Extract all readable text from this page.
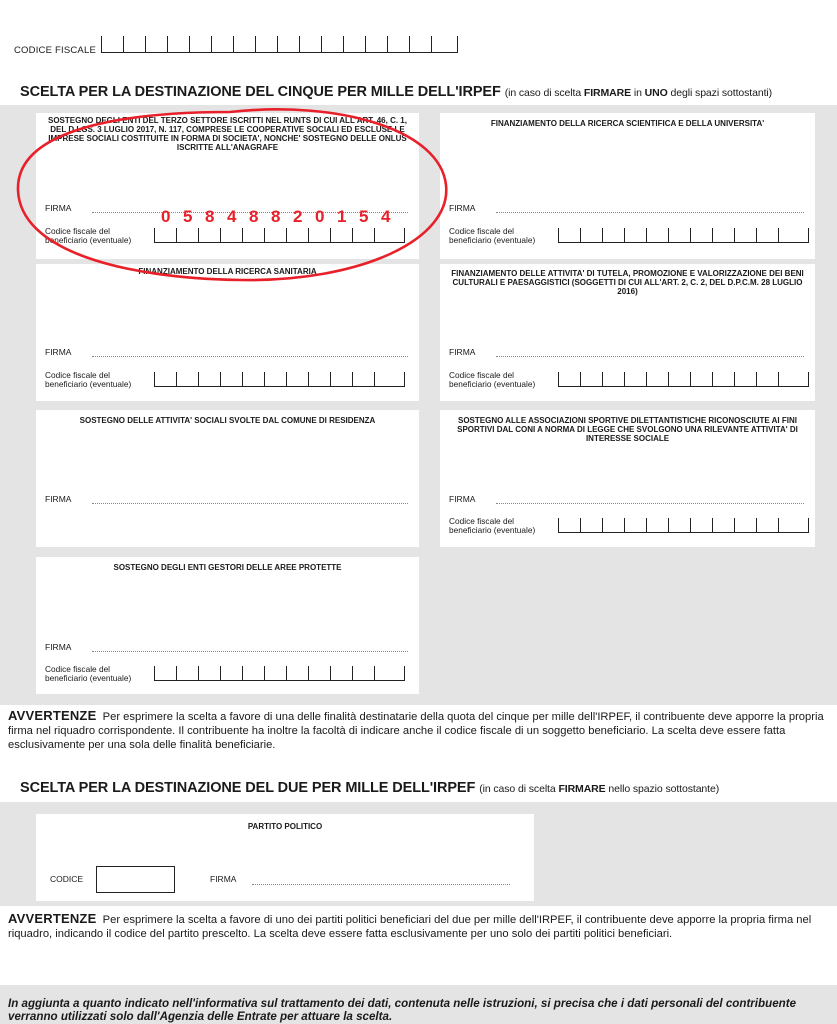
CODICE FISCALE
SCELTA PER LA DESTINAZIONE DEL CINQUE PER MILLE DELL'IRPEF (in caso di scelta FIRMARE in UNO degli spazi sottostanti)
SOSTEGNO DEGLI ENTI DEL TERZO SETTORE ISCRITTI NEL RUNTS DI CUI ALL'ART. 46, C. 1, DEL D.LGS. 3 LUGLIO 2017, N. 117, COMPRESE LE COOPERATIVE SOCIALI ED ESCLUSE LE IMPRESE SOCIALI COSTITUITE IN FORMA DI SOCIETA', NONCHE' SOSTEGNO DELLE ONLUS ISCRITTE ALL'ANAGRAFE
FIRMA
Codice fiscale del
beneficiario (eventuale)
0 5 8 4 8 8 2 0 1 5 4
FINANZIAMENTO DELLA RICERCA SCIENTIFICA E DELLA UNIVERSITA'
FIRMA
Codice fiscale del
beneficiario (eventuale)
FINANZIAMENTO DELLA RICERCA SANITARIA
FIRMA
Codice fiscale del
beneficiario (eventuale)
FINANZIAMENTO DELLE ATTIVITA' DI TUTELA, PROMOZIONE E VALORIZZAZIONE DEI BENI CULTURALI E PAESAGGISTICI (SOGGETTI DI CUI ALL'ART. 2, C. 2, DEL D.P.C.M. 28 LUGLIO 2016)
FIRMA
Codice fiscale del
beneficiario (eventuale)
SOSTEGNO DELLE ATTIVITA' SOCIALI SVOLTE DAL COMUNE DI RESIDENZA
FIRMA
SOSTEGNO ALLE ASSOCIAZIONI SPORTIVE DILETTANTISTICHE RICONOSCIUTE AI FINI SPORTIVI DAL CONI A NORMA DI LEGGE CHE SVOLGONO UNA RILEVANTE ATTIVITA' DI INTERESSE SOCIALE
FIRMA
Codice fiscale del
beneficiario (eventuale)
SOSTEGNO DEGLI ENTI GESTORI DELLE AREE PROTETTE
FIRMA
Codice fiscale del
beneficiario (eventuale)
AVVERTENZE Per esprimere la scelta a favore di una delle finalità destinatarie della quota del cinque per mille dell'IRPEF, il contribuente deve apporre la propria firma nel riquadro corrispondente. Il contribuente ha inoltre la facoltà di indicare anche il codice fiscale di un soggetto beneficiario. La scelta deve essere fatta esclusivamente per una sola delle finalità beneficiarie.
SCELTA PER LA DESTINAZIONE DEL DUE PER MILLE DELL'IRPEF (in caso di scelta FIRMARE nello spazio sottostante)
PARTITO POLITICO
CODICE	FIRMA
AVVERTENZE Per esprimere la scelta a favore di uno dei partiti politici beneficiari del due per mille dell'IRPEF, il contribuente deve apporre la propria firma nel riquadro, indicando il codice del partito prescelto. La scelta deve essere fatta esclusivamente per uno solo dei partiti politici beneficiari.
In aggiunta a quanto indicato nell'informativa sul trattamento dei dati, contenuta nelle istruzioni, si precisa che i dati personali del contribuente verranno utilizzati solo dall'Agenzia delle Entrate per attuare la scelta.
